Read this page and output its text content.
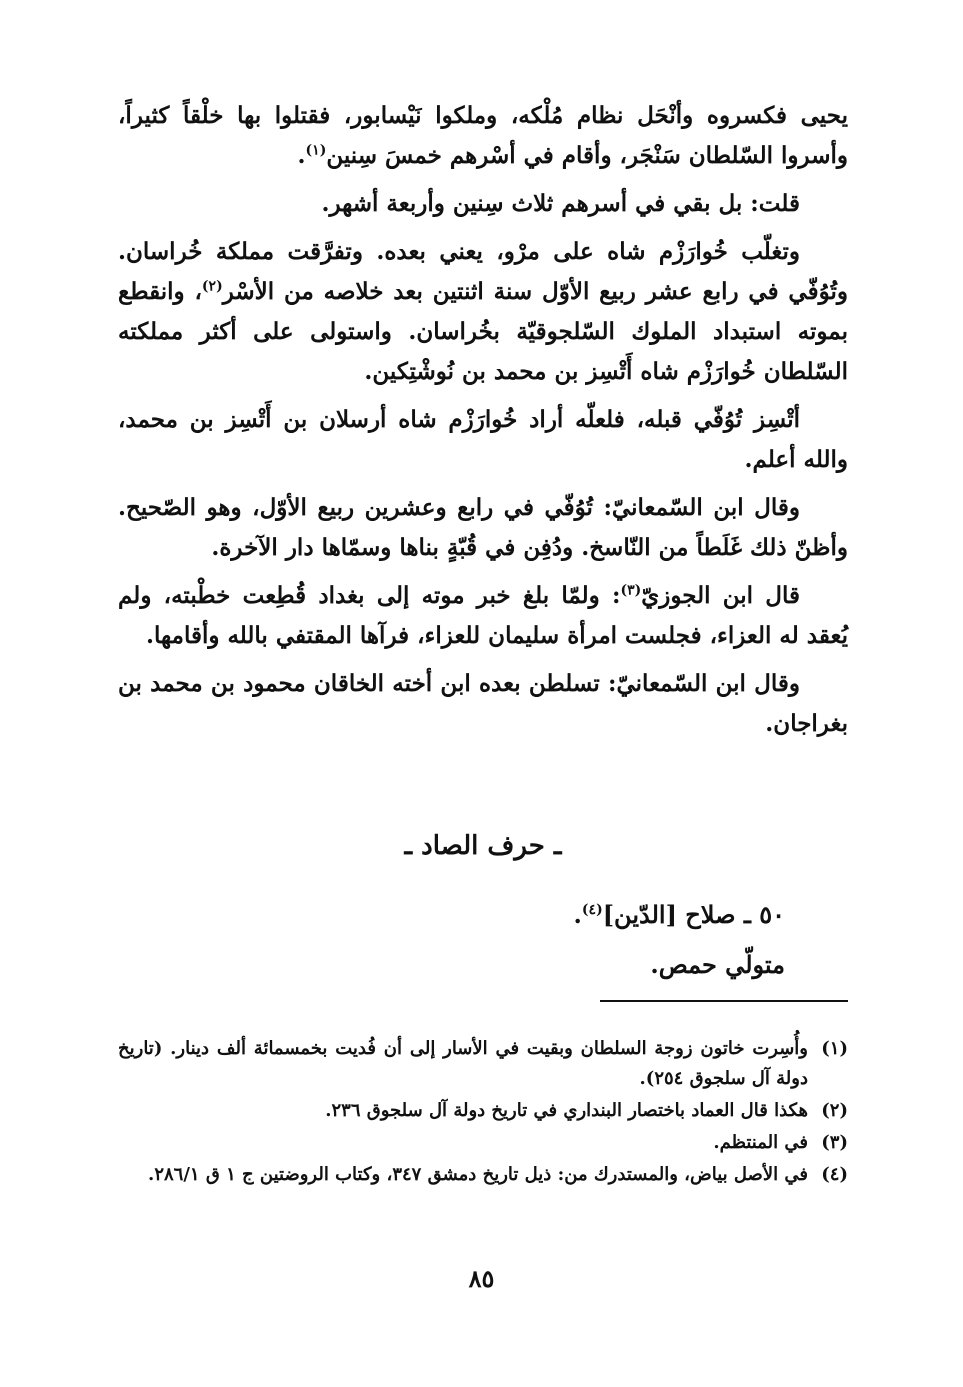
يحيى فكسروه وأنْحَل نظام مُلْكه، وملكوا نَيْسابور، فقتلوا بها خلْقاً كثيراً، وأسروا السّلطان سَنْجَر، وأقام في أسْرهم خمسَ سِنين$^{(١)}$.

قلت: بل بقي في أسرهم ثلاث سِنين وأربعة أشهر.

وتغلّب خُوارَزْم شاه على مرْو، يعني بعده. وتفرَّقت مملكة خُراسان. وتُوُفّي في رابع عشر ربيع الأوّل سنة اثنتين بعد خلاصه من الأسْر$^{(٢)}$، وانقطع بموته استبداد الملوك السّلجوقيّة بخُراسان. واستولى على أكثر مملكته السّلطان خُوارَزْم شاه أَتْسِز بن محمد بن نُوشْتِكين.

أتْسِز تُوُفّي قبله، فلعلّه أراد خُوارَزْم شاه أرسلان بن أَتْسِز بن محمد، والله أعلم.

وقال ابن السّمعانيّ: تُوُفّي في رابع وعشرين ربيع الأوّل، وهو الصّحيح. وأظنّ ذلك غَلَطاً من النّاسخ. ودُفِن في قُبّةٍ بناها وسمّاها دار الآخرة.

قال ابن الجوزيّ$^{(٣)}$: ولمّا بلغ خبر موته إلى بغداد قُطِعت خطْبته، ولم يُعقد له العزاء، فجلست امرأة سليمان للعزاء، فرآها المقتفي بالله وأقامها.

وقال ابن السّمعانيّ: تسلطن بعده ابن أخته الخاقان محمود بن محمد بن بغراجان.

ـ حرف الصاد ـ
٥٠ ـ صلاح [الدّين]$^{(٤)}$.
متولّي حمص.
(١)
وأُسِرت خاتون زوجة السلطان وبقيت في الأسار إلى أن فُديت بخمسمائة ألف دينار. (تاريخ دولة آل سلجوق ٢٥٤).
(٢)
هكذا قال العماد باختصار البنداري في تاريخ دولة آل سلجوق ٢٣٦.
(٣)
في المنتظم.
(٤)
في الأصل بياض، والمستدرك من: ذيل تاريخ دمشق ٣٤٧، وكتاب الروضتين ج ١ ق ٢٨٦/١.
٨٥
